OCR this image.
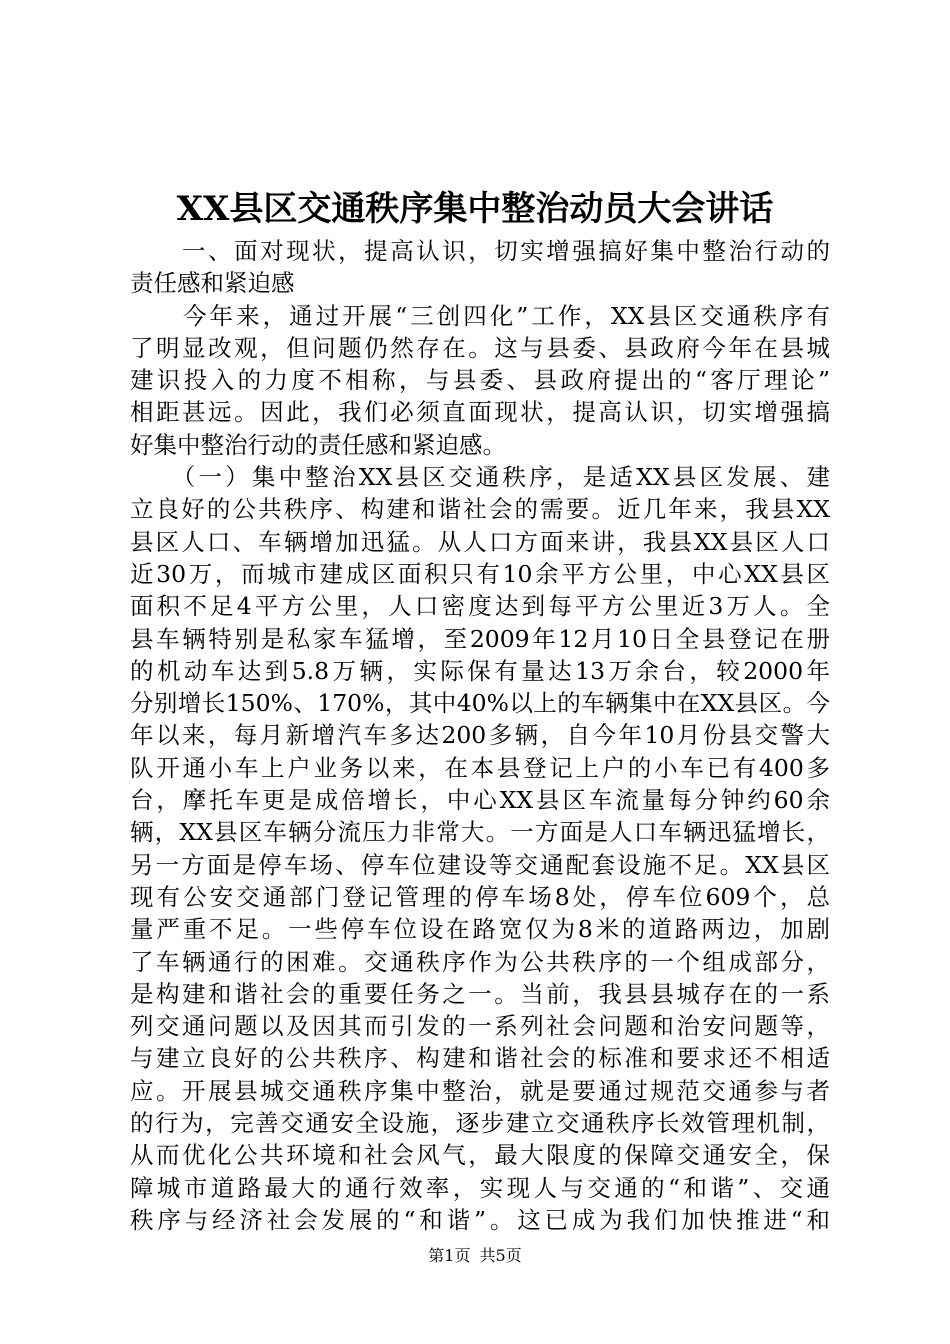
XX县区交通秩序集中整治动员大会讲话
　　一、面对现状，提高认识，切实增强搞好集中整治行动的
责任感和紧迫感
　　今年来，通过开展“三创四化”工作，XX县区交通秩序有
了明显改观，但问题仍然存在。这与县委、县政府今年在县城
建识投入的力度不相称，与县委、县政府提出的“客厅理论”
相距甚远。因此，我们必须直面现状，提高认识，切实增强搞
好集中整治行动的责任感和紧迫感。
　　（一）集中整治XX县区交通秩序，是适XX县区发展、建
立良好的公共秩序、构建和谐社会的需要。近几年来，我县XX
县区人口、车辆增加迅猛。从人口方面来讲，我县XX县区人口
近30万，而城市建成区面积只有10余平方公里，中心XX县区
面积不足4平方公里，人口密度达到每平方公里近3万人。全
县车辆特别是私家车猛增，至2009年12月10日全县登记在册
的机动车达到5.8万辆，实际保有量达13万余台，较2000年
分别增长150%、170%，其中40%以上的车辆集中在XX县区。今
年以来，每月新增汽车多达200多辆，自今年10月份县交警大
队开通小车上户业务以来，在本县登记上户的小车已有400多
台，摩托车更是成倍增长，中心XX县区车流量每分钟约60余
辆，XX县区车辆分流压力非常大。一方面是人口车辆迅猛增长，
另一方面是停车场、停车位建设等交通配套设施不足。XX县区
现有公安交通部门登记管理的停车场8处，停车位609个，总
量严重不足。一些停车位设在路宽仅为8米的道路两边，加剧
了车辆通行的困难。交通秩序作为公共秩序的一个组成部分，
是构建和谐社会的重要任务之一。当前，我县县城存在的一系
列交通问题以及因其而引发的一系列社会问题和治安问题等，
与建立良好的公共秩序、构建和谐社会的标准和要求还不相适
应。开展县城交通秩序集中整治，就是要通过规范交通参与者
的行为，完善交通安全设施，逐步建立交通秩序长效管理机制，
从而优化公共环境和社会风气，最大限度的保障交通安全，保
障城市道路最大的通行效率，实现人与交通的“和谐”、交通
秩序与经济社会发展的“和谐”。这已成为我们加快推进“和
第1页 共5页
